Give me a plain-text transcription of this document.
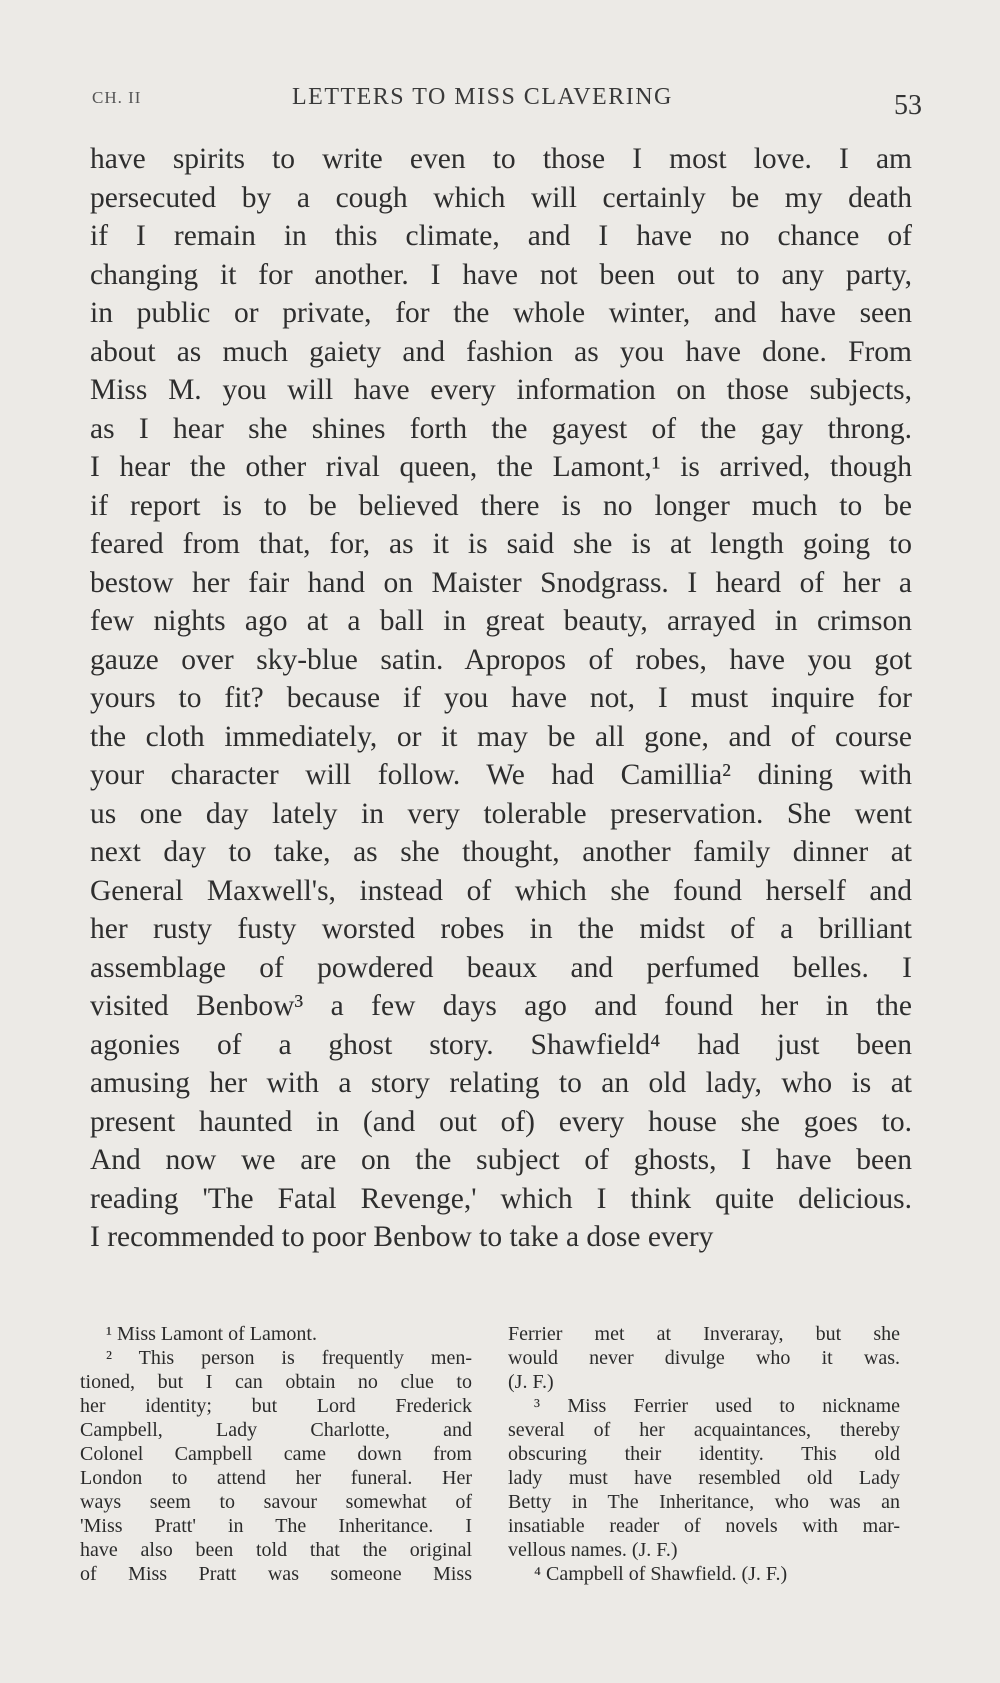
CH. II	LETTERS TO MISS CLAVERING	53
have spirits to write even to those I most love. I am
persecuted by a cough which will certainly be my death
if I remain in this climate, and I have no chance of
changing it for another. I have not been out to any party,
in public or private, for the whole winter, and have seen
about as much gaiety and fashion as you have done. From
Miss M. you will have every information on those subjects,
as I hear she shines forth the gayest of the gay throng.
I hear the other rival queen, the Lamont,¹ is arrived, though
if report is to be believed there is no longer much to be
feared from that, for, as it is said she is at length going to
bestow her fair hand on Maister Snodgrass. I heard of her a
few nights ago at a ball in great beauty, arrayed in crimson
gauze over sky-blue satin. Apropos of robes, have you got
yours to fit? because if you have not, I must inquire for
the cloth immediately, or it may be all gone, and of course
your character will follow. We had Camillia² dining with
us one day lately in very tolerable preservation. She went
next day to take, as she thought, another family dinner at
General Maxwell's, instead of which she found herself and
her rusty fusty worsted robes in the midst of a brilliant
assemblage of powdered beaux and perfumed belles. I
visited Benbow³ a few days ago and found her in the
agonies of a ghost story. Shawfield⁴ had just been
amusing her with a story relating to an old lady, who is at
present haunted in (and out of) every house she goes to.
And now we are on the subject of ghosts, I have been
reading 'The Fatal Revenge,' which I think quite delicious.
I recommended to poor Benbow to take a dose every
¹ Miss Lamont of Lamont.
² This person is frequently men-
tioned, but I can obtain no clue to
her identity; but Lord Frederick
Campbell, Lady Charlotte, and
Colonel Campbell came down from
London to attend her funeral. Her
ways seem to savour somewhat of
'Miss Pratt' in The Inheritance. I
have also been told that the original
of Miss Pratt was someone Miss
Ferrier met at Inveraray, but she
would never divulge who it was.
(J. F.)
³ Miss Ferrier used to nickname
several of her acquaintances, thereby
obscuring their identity. This old
lady must have resembled old Lady
Betty in The Inheritance, who was an
insatiable reader of novels with mar-
vellous names. (J. F.)
⁴ Campbell of Shawfield. (J. F.)
